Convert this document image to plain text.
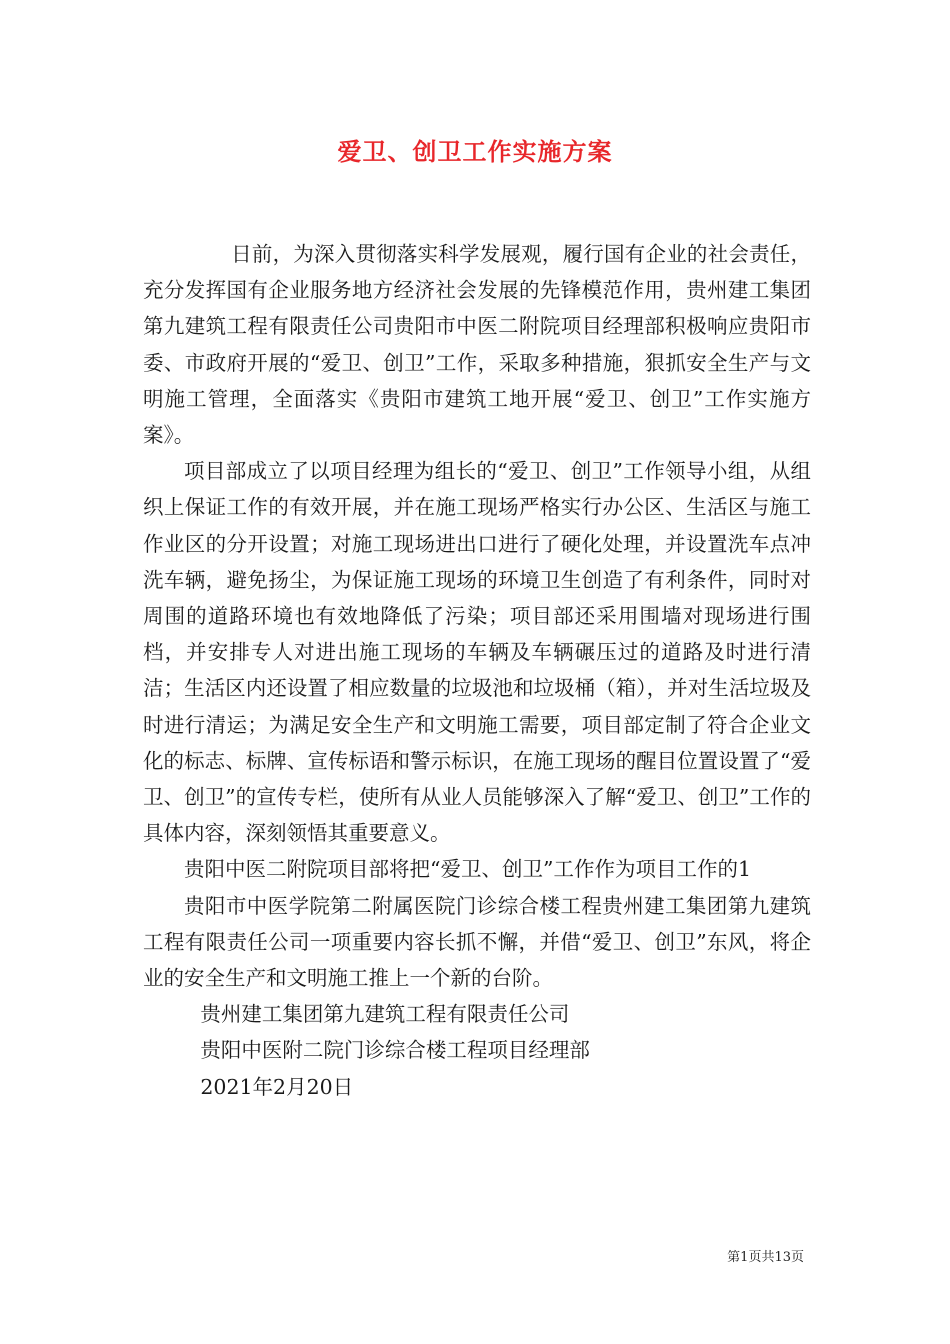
爱卫、创卫工作实施方案

日前，为深入贯彻落实科学发展观，履行国有企业的社会责任，充分发挥国有企业服务地方经济社会发展的先锋模范作用，贵州建工集团第九建筑工程有限责任公司贵阳市中医二附院项目经理部积极响应贵阳市委、市政府开展的“爱卫、创卫”工作，采取多种措施，狠抓安全生产与文明施工管理，全面落实《贵阳市建筑工地开展“爱卫、创卫”工作实施方案》。

项目部成立了以项目经理为组长的“爱卫、创卫”工作领导小组，从组织上保证工作的有效开展，并在施工现场严格实行办公区、生活区与施工作业区的分开设置；对施工现场进出口进行了硬化处理，并设置洗车点冲洗车辆，避免扬尘，为保证施工现场的环境卫生创造了有利条件，同时对周围的道路环境也有效地降低了污染；项目部还采用围墙对现场进行围档，并安排专人对进出施工现场的车辆及车辆碾压过的道路及时进行清洁；生活区内还设置了相应数量的垃圾池和垃圾桶（箱），并对生活垃圾及时进行清运；为满足安全生产和文明施工需要，项目部定制了符合企业文化的标志、标牌、宣传标语和警示标识，在施工现场的醒目位置设置了“爱卫、创卫”的宣传专栏，使所有从业人员能够深入了解“爱卫、创卫”工作的具体内容，深刻领悟其重要意义。

贵阳中医二附院项目部将把“爱卫、创卫”工作作为项目工作的1

贵阳市中医学院第二附属医院门诊综合楼工程贵州建工集团第九建筑工程有限责任公司一项重要内容长抓不懈，并借“爱卫、创卫”东风，将企业的安全生产和文明施工推上一个新的台阶。

贵州建工集团第九建筑工程有限责任公司

贵阳中医附二院门诊综合楼工程项目经理部

2021年2月20日

第1页共13页
